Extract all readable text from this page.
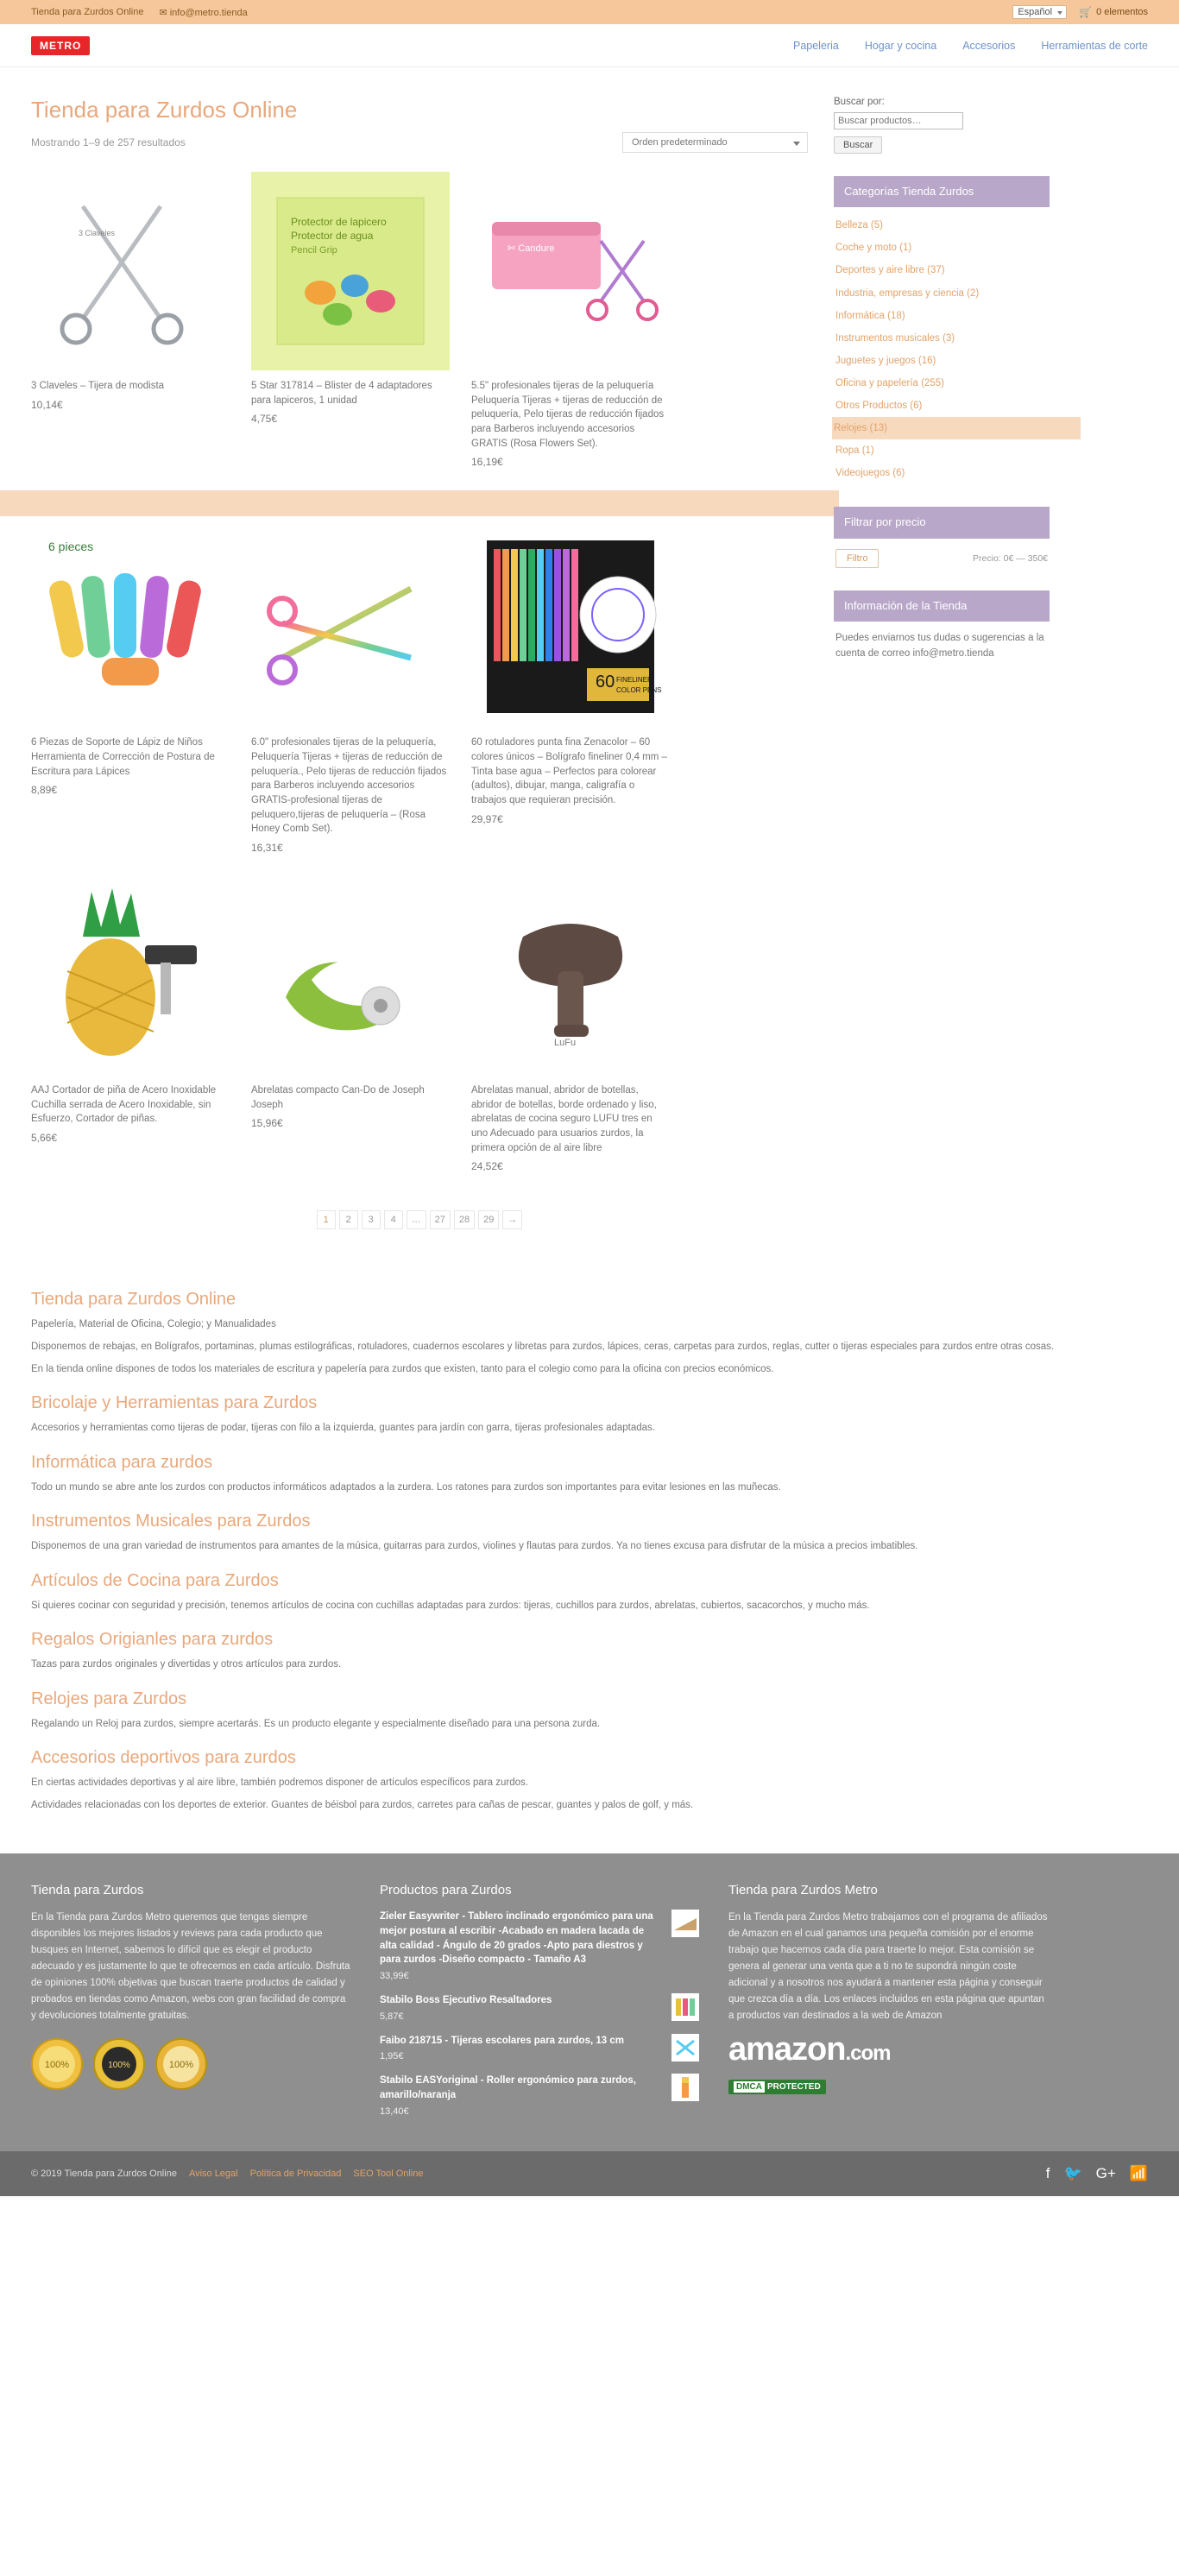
Tienda para Zurdos Online ✉ info@metro.tienda	Español	🛒 0 elementos
METRO	Papeleria Hogar y cocina Accesorios Herramientas de corte
Tienda para Zurdos Online
Mostrando 1–9 de 257 resultados	Orden predeterminado
3 Claveles
3 Claveles – Tijera de modista
10,14€
Protector de lapicero
Protector de agua
Pencil Grip
5 Star 317814 – Blister de 4 adaptadores para lapiceros, 1 unidad
4,75€
✄ Candure
5.5" profesionales tijeras de la peluquería Peluquería Tijeras + tijeras de reducción de peluquería, Pelo tijeras de reducción fijados para Barberos incluyendo accesorios GRATIS (Rosa Flowers Set).
16,19€
6 pieces
6 Piezas de Soporte de Lápiz de Niños Herramienta de Corrección de Postura de Escritura para Lápices
8,89€
6.0" profesionales tijeras de la peluquería, Peluquería Tijeras + tijeras de reducción de peluquería., Pelo tijeras de reducción fijados para Barberos incluyendo accesorios GRATIS-profesional tijeras de peluquero,tijeras de peluquería – (Rosa Honey Comb Set).
16,31€
60 FINELINER
COLOR PENS
60 rotuladores punta fina Zenacolor – 60 colores únicos – Bolígrafo fineliner 0,4 mm – Tinta base agua – Perfectos para colorear (adultos), dibujar, manga, caligrafía o trabajos que requieran precisión.
29,97€
AAJ Cortador de piña de Acero Inoxidable Cuchilla serrada de Acero Inoxidable, sin Esfuerzo, Cortador de piñas.
5,66€
Abrelatas compacto Can-Do de Joseph Joseph
15,96€
LuFu
Abrelatas manual, abridor de botellas, abridor de botellas, borde ordenado y liso, abrelatas de cocina seguro LUFU tres en uno Adecuado para usuarios zurdos, la primera opción de al aire libre
24,52€
1	2	3	4	…	27	28	29	→
Buscar por:
Buscar productos…
Buscar
Categorías Tienda Zurdos
Belleza (5)
Coche y moto (1)
Deportes y aire libre (37)
Industria, empresas y ciencia (2)
Informática (18)
Instrumentos musicales (3)
Juguetes y juegos (16)
Oficina y papelería (255)
Otros Productos (6)
Relojes (13)
Ropa (1)
Videojuegos (6)
Filtrar por precio
Filtro	Precio: 0€ — 350€
Información de la Tienda
Puedes enviarnos tus dudas o sugerencias a la cuenta de correo info@metro.tienda
Tienda para Zurdos Online

Papelería, Material de Oficina, Colegio; y Manualidades

Disponemos de rebajas, en Bolígrafos, portaminas, plumas estilográficas, rotuladores, cuadernos escolares y libretas para zurdos, lápices, ceras, carpetas para zurdos, reglas, cutter o tijeras especiales para zurdos entre otras cosas.

En la tienda online dispones de todos los materiales de escritura y papelería para zurdos que existen, tanto para el colegio como para la oficina con precios económicos.

Bricolaje y Herramientas para Zurdos

Accesorios y herramientas como tijeras de podar, tijeras con filo a la izquierda, guantes para jardín con garra, tijeras profesionales adaptadas.

Informática para zurdos

Todo un mundo se abre ante los zurdos con productos informáticos adaptados a la zurdera. Los ratones para zurdos son importantes para evitar lesiones en las muñecas.

Instrumentos Musicales para Zurdos

Disponemos de una gran variedad de instrumentos para amantes de la música, guitarras para zurdos, violines y flautas para zurdos. Ya no tienes excusa para disfrutar de la música a precios imbatibles.

Artículos de Cocina para Zurdos

Si quieres cocinar con seguridad y precisión, tenemos artículos de cocina con cuchillas adaptadas para zurdos: tijeras, cuchillos para zurdos, abrelatas, cubiertos, sacacorchos, y mucho más.

Regalos Origianles para zurdos

Tazas para zurdos originales y divertidas y otros artículos para zurdos.

Relojes para Zurdos

Regalando un Reloj para zurdos, siempre acertarás. Es un producto elegante y especialmente diseñado para una persona zurda.

Accesorios deportivos para zurdos

En ciertas actividades deportivas y al aire libre, también podremos disponer de artículos específicos para zurdos.

Actividades relacionadas con los deportes de exterior. Guantes de béisbol para zurdos, carretes para cañas de pescar, guantes y palos de golf, y más.

Tienda para Zurdos

En la Tienda para Zurdos Metro queremos que tengas siempre disponibles los mejores listados y reviews para cada producto que busques en Internet, sabemos lo difícil que es elegir el producto adecuado y es justamente lo que te ofrecemos en cada artículo. Disfruta de opiniones 100% objetivas que buscan traerte productos de calidad y probados en tiendas como Amazon, webs con gran facilidad de compra y devoluciones totalmente gratuitas.

100%	100%	100%
Productos para Zurdos
Zieler Easywriter - Tablero inclinado ergonómico para una mejor postura al escribir -Acabado en madera lacada de alta calidad - Ángulo de 20 grados -Apto para diestros y para zurdos -Diseño compacto - Tamaño A3
33,99€
Stabilo Boss Ejecutivo Resaltadores
5,87€
Faibo 218715 - Tijeras escolares para zurdos, 13 cm
1,95€
Stabilo EASYoriginal - Roller ergonómico para zurdos, amarillo/naranja
13,40€
Tienda para Zurdos Metro

En la Tienda para Zurdos Metro trabajamos con el programa de afiliados de Amazon en el cual ganamos una pequeña comisión por el enorme trabajo que hacemos cada día para traerte lo mejor. Esta comisión se genera al generar una venta que a ti no te supondrá ningún coste adicional y a nosotros nos ayudará a mantener esta página y conseguir que crezca día a día. Los enlaces incluidos en esta página que apuntan a productos van destinados a la web de Amazon

amazon.com
DMCA PROTECTED
© 2019 Tienda para Zurdos Online Aviso Legal Política de Privacidad SEO Tool Online	f 🐦 G+ 📶
